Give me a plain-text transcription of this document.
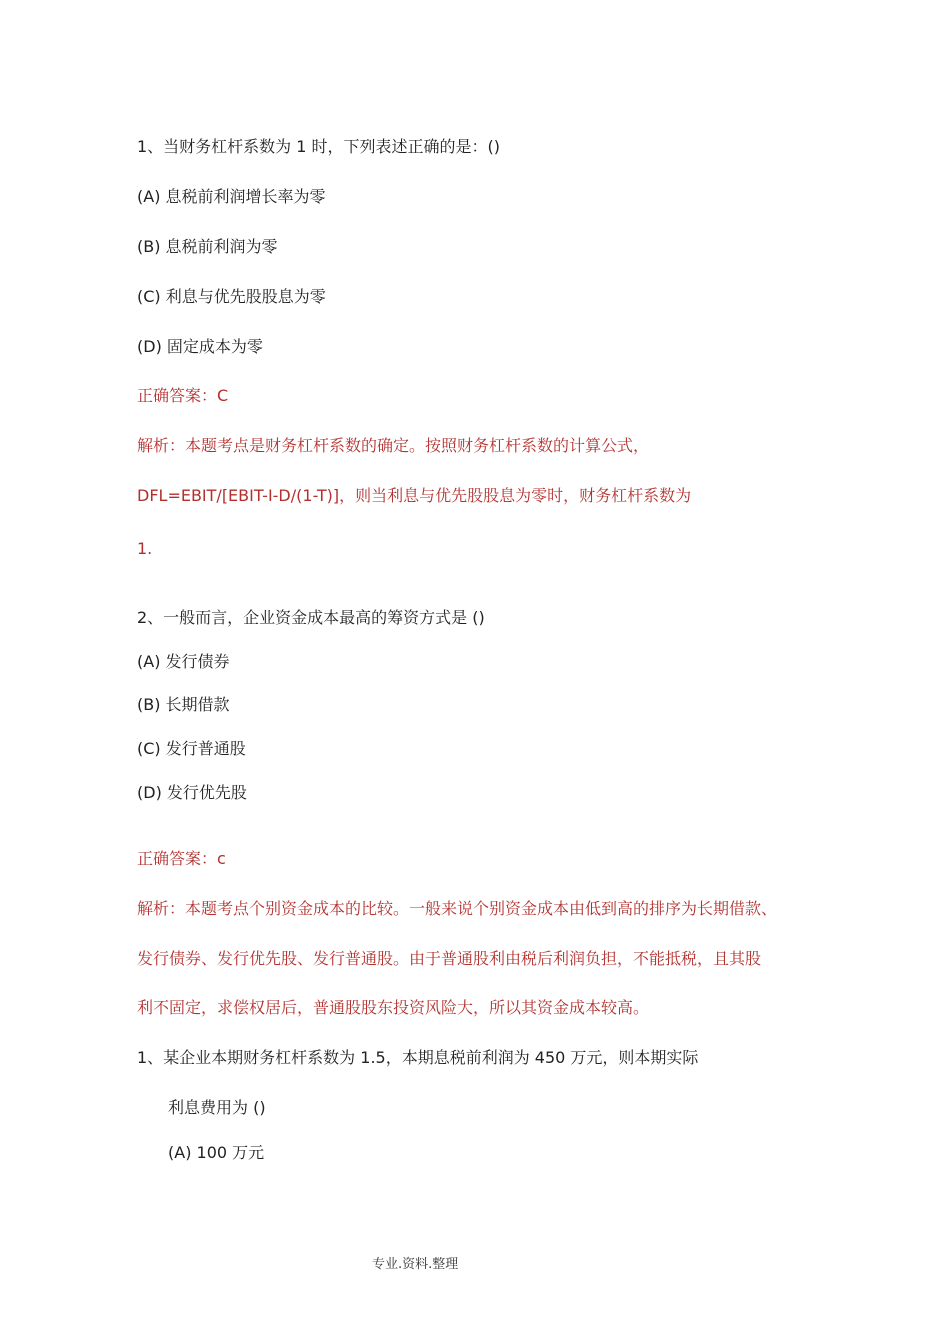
1、当财务杠杆系数为 1 时，下列表述正确的是：()

(A) 息税前利润增长率为零

(B) 息税前利润为零

(C) 利息与优先股股息为零

(D) 固定成本为零

正确答案：C

解析：本题考点是财务杠杆系数的确定。按照财务杠杆系数的计算公式，

DFL=EBIT/[EBIT-I-D/(1-T)]，则当利息与优先股股息为零时，财务杠杆系数为

1.

2、一般而言，企业资金成本最高的筹资方式是 ()

(A) 发行债券

(B) 长期借款

(C) 发行普通股

(D) 发行优先股

正确答案：c

解析：本题考点个别资金成本的比较。一般来说个别资金成本由低到高的排序为长期借款、

发行债券、发行优先股、发行普通股。由于普通股利由税后利润负担，不能抵税，且其股

利不固定，求偿权居后，普通股股东投资风险大，所以其资金成本较高。

1、某企业本期财务杠杆系数为 1.5，本期息税前利润为 450 万元，则本期实际

利息费用为 ()

(A) 100 万元

专业.资料.整理
